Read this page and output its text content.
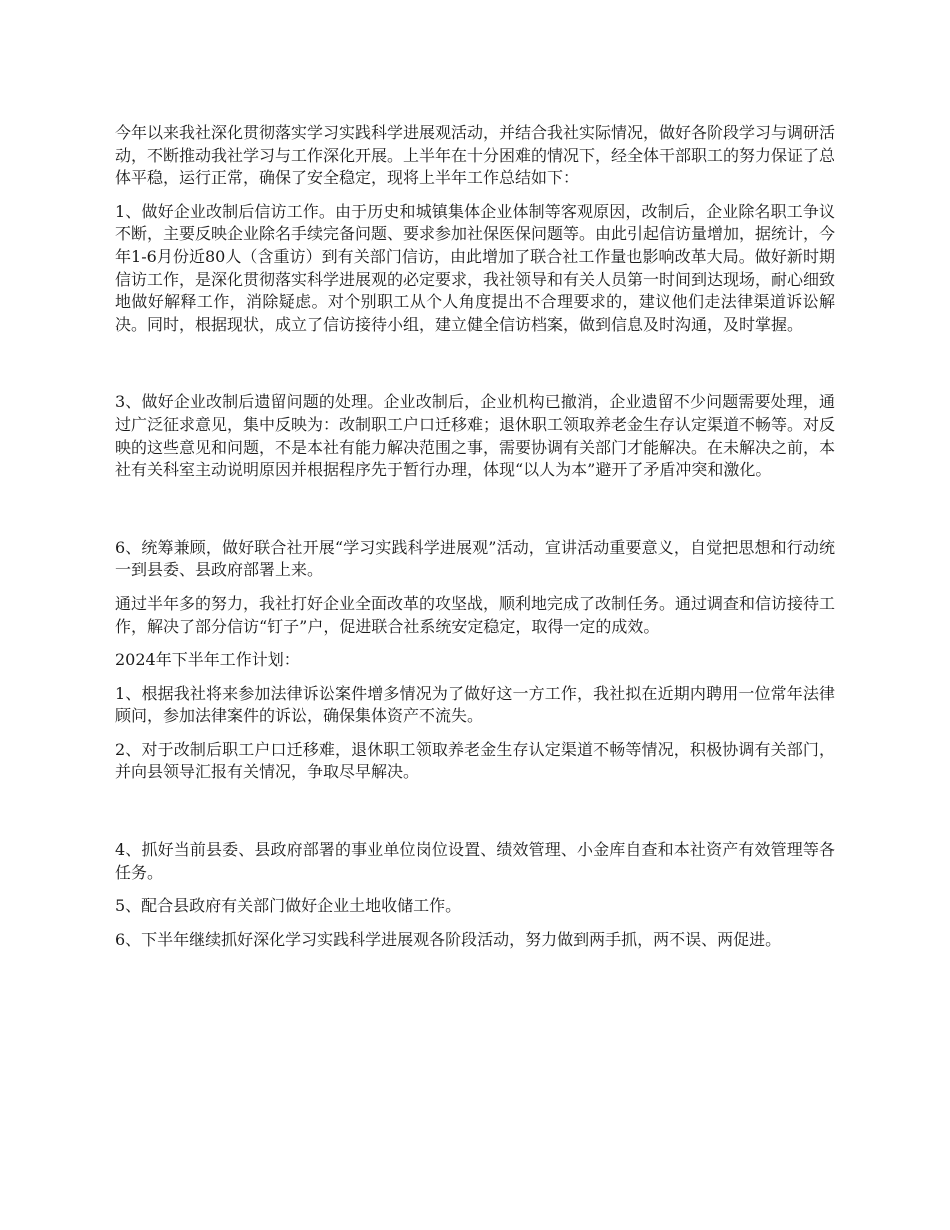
今年以来我社深化贯彻落实学习实践科学进展观活动，并结合我社实际情况，做好各阶段学习与调研活动，不断推动我社学习与工作深化开展。上半年在十分困难的情况下，经全体干部职工的努力保证了总体平稳，运行正常，确保了安全稳定，现将上半年工作总结如下：

1、做好企业改制后信访工作。由于历史和城镇集体企业体制等客观原因，改制后，企业除名职工争议不断，主要反映企业除名手续完备问题、要求参加社保医保问题等。由此引起信访量增加，据统计，今年1-6月份近80人（含重访）到有关部门信访，由此增加了联合社工作量也影响改革大局。做好新时期信访工作，是深化贯彻落实科学进展观的必定要求，我社领导和有关人员第一时间到达现场，耐心细致地做好解释工作，消除疑虑。对个别职工从个人角度提出不合理要求的，建议他们走法律渠道诉讼解决。同时，根据现状，成立了信访接待小组，建立健全信访档案，做到信息及时沟通，及时掌握。

3、做好企业改制后遗留问题的处理。企业改制后，企业机构已撤消，企业遗留不少问题需要处理，通过广泛征求意见，集中反映为：改制职工户口迁移难；退休职工领取养老金生存认定渠道不畅等。对反映的这些意见和问题，不是本社有能力解决范围之事，需要协调有关部门才能解决。在未解决之前，本社有关科室主动说明原因并根据程序先于暂行办理，体现“以人为本”避开了矛盾冲突和激化。

6、统筹兼顾，做好联合社开展“学习实践科学进展观”活动，宣讲活动重要意义，自觉把思想和行动统一到县委、县政府部署上来。

通过半年多的努力，我社打好企业全面改革的攻坚战，顺利地完成了改制任务。通过调查和信访接待工作，解决了部分信访“钉子”户，促进联合社系统安定稳定，取得一定的成效。

2024年下半年工作计划：

1、根据我社将来参加法律诉讼案件增多情况为了做好这一方工作，我社拟在近期内聘用一位常年法律顾问，参加法律案件的诉讼，确保集体资产不流失。

2、对于改制后职工户口迁移难，退休职工领取养老金生存认定渠道不畅等情况，积极协调有关部门，并向县领导汇报有关情况，争取尽早解决。

4、抓好当前县委、县政府部署的事业单位岗位设置、绩效管理、小金库自查和本社资产有效管理等各任务。

5、配合县政府有关部门做好企业土地收储工作。

6、下半年继续抓好深化学习实践科学进展观各阶段活动，努力做到两手抓，两不误、两促进。
